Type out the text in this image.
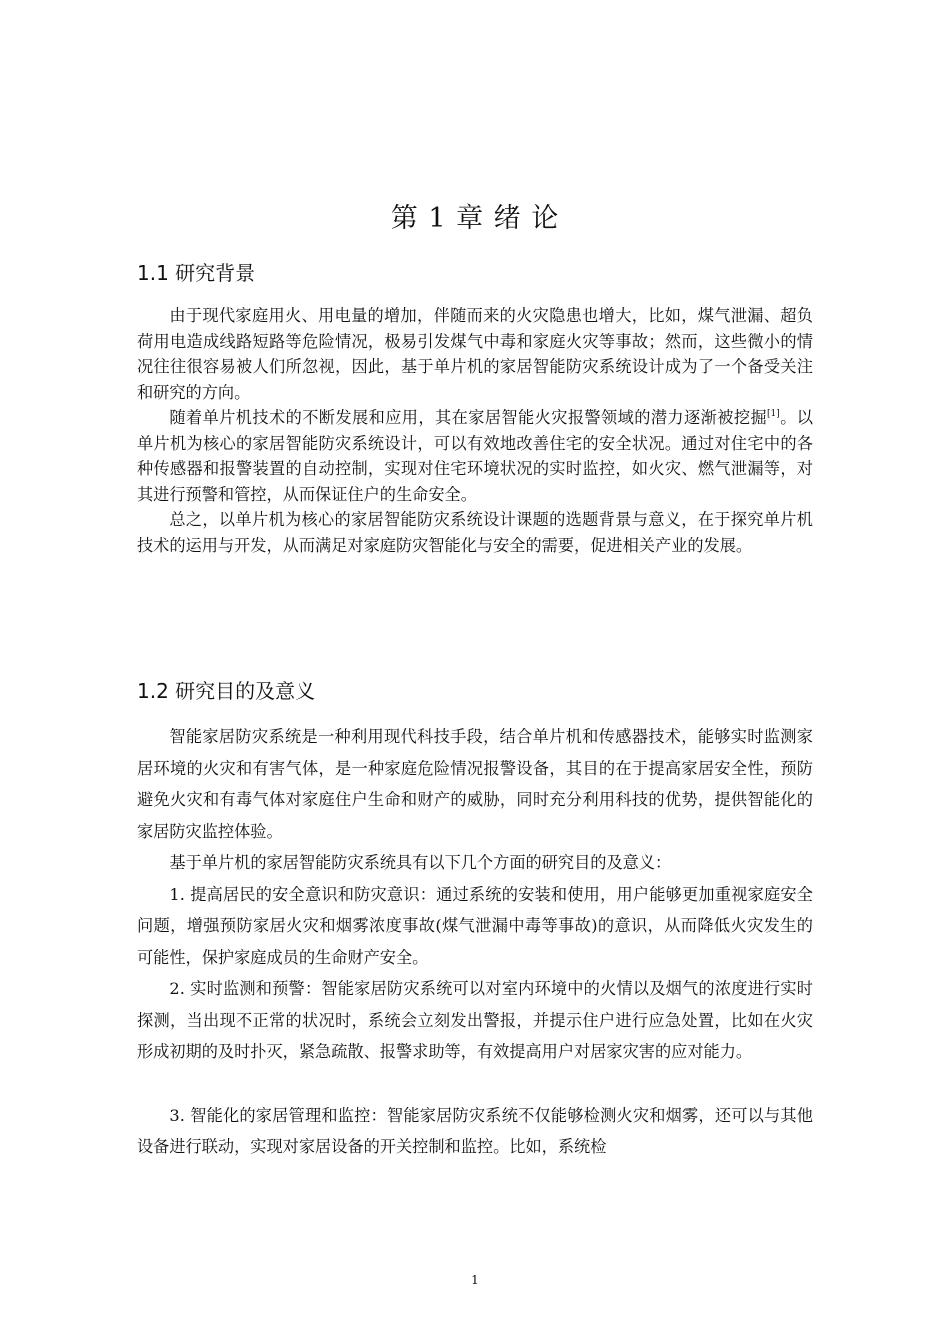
第 1 章 绪 论
1.1 研究背景

由于现代家庭用火、用电量的增加，伴随而来的火灾隐患也增大，比如，煤气泄漏、超负荷用电造成线路短路等危险情况，极易引发煤气中毒和家庭火灾等事故；然而，这些微小的情况往往很容易被人们所忽视，因此，基于单片机的家居智能防灾系统设计成为了一个备受关注和研究的方向。

随着单片机技术的不断发展和应用，其在家居智能火灾报警领域的潜力逐渐被挖掘[1]。以单片机为核心的家居智能防灾系统设计，可以有效地改善住宅的安全状况。通过对住宅中的各种传感器和报警装置的自动控制，实现对住宅环境状况的实时监控，如火灾、燃气泄漏等，对其进行预警和管控，从而保证住户的生命安全。

总之，以单片机为核心的家居智能防灾系统设计课题的选题背景与意义，在于探究单片机技术的运用与开发，从而满足对家庭防灾智能化与安全的需要，促进相关产业的发展。

1.2 研究目的及意义

智能家居防灾系统是一种利用现代科技手段，结合单片机和传感器技术，能够实时监测家居环境的火灾和有害气体，是一种家庭危险情况报警设备，其目的在于提高家居安全性，预防避免火灾和有毒气体对家庭住户生命和财产的威胁，同时充分利用科技的优势，提供智能化的家居防灾监控体验。

基于单片机的家居智能防灾系统具有以下几个方面的研究目的及意义：

1. 提高居民的安全意识和防灾意识：通过系统的安装和使用，用户能够更加重视家庭安全问题，增强预防家居火灾和烟雾浓度事故(煤气泄漏中毒等事故)的意识，从而降低火灾发生的可能性，保护家庭成员的生命财产安全。

2. 实时监测和预警：智能家居防灾系统可以对室内环境中的火情以及烟气的浓度进行实时探测，当出现不正常的状况时，系统会立刻发出警报，并提示住户进行应急处置，比如在火灾形成初期的及时扑灭，紧急疏散、报警求助等，有效提高用户对居家灾害的应对能力。

3. 智能化的家居管理和监控：智能家居防灾系统不仅能够检测火灾和烟雾，还可以与其他设备进行联动，实现对家居设备的开关控制和监控。比如，系统检

1
